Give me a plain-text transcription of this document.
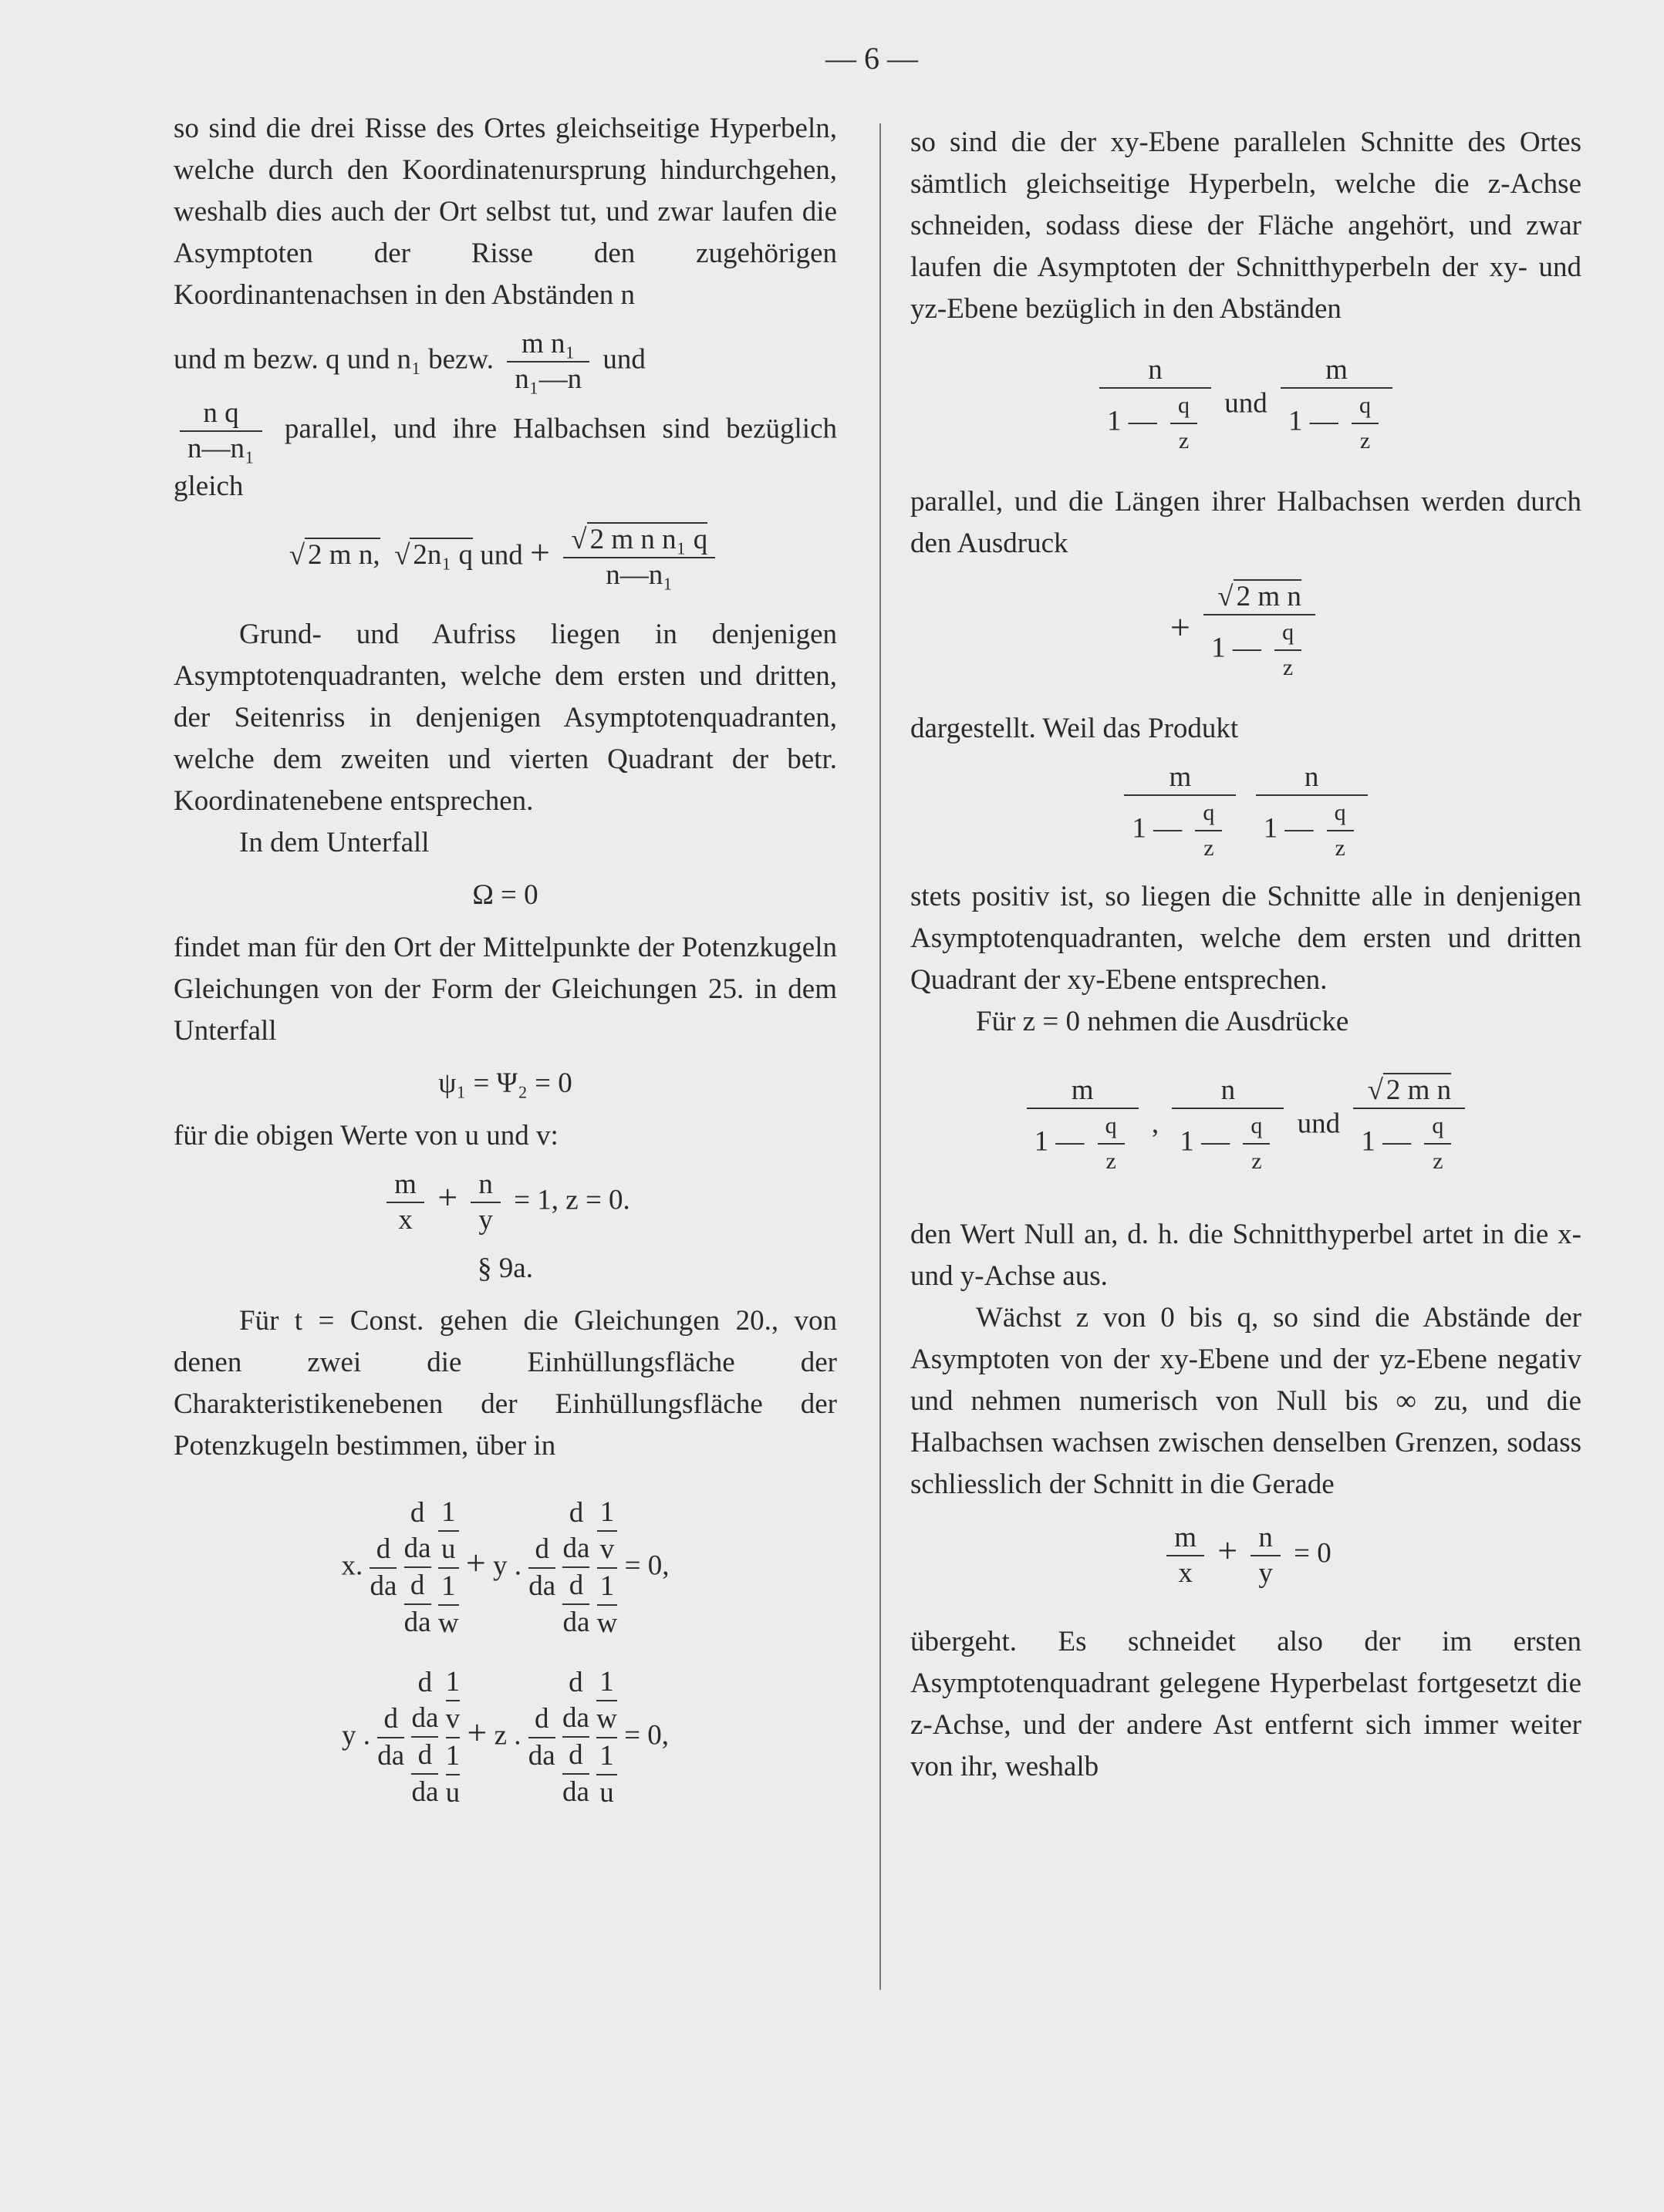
— 6 —

so sind die drei Risse des Ortes gleichseitige Hyperbeln, welche durch den Koordinatenursprung hindurchgehen, weshalb dies auch der Ort selbst tut, und zwar laufen die Asymptoten der Risse den zugehörigen Koordinantenachsen in den Abständen n

und m bezw. q und n₁ bezw. $\frac{\text{m n₁}}{\text{n₁—n}}$ und

$\frac{\text{n q}}{\text{n—n₁}}$ parallel, und ihre Halbachsen sind bezüglich gleich

√ 2 m n,  √ 2n₁ q und + $\frac{\text{√ 2 m n n₁ q}}{\text{n—n₁}}$

Grund- und Aufriss liegen in denjenigen Asymptotenquadranten, welche dem ersten und dritten, der Seitenriss in denjenigen Asymptotenquadranten, welche dem zweiten und vierten Quadrant der betr. Koordinatenebene entsprechen.

In dem Unterfall

Ω = 0

findet man für den Ort der Mittelpunkte der Potenzkugeln Gleichungen von der Form der Gleichungen 25. in dem Unterfall

ψ₁ = Ψ₂ = 0

für die obigen Werte von u und v:

$\frac{m}{x} + \frac{n}{y} = 1$, z = 0.
§ 9a.

Für t = Const. gehen die Gleichungen 20., von denen zwei die Einhüllungsfläche der Charakteristikenebenen der Einhüllungsfläche der Potenzkugeln bestimmen, über in

x. $\frac{d}{da}$

d
da
d
da

1
u
1
w
+ y . $\frac{d}{da}$

d
da
d
da

1
v
1
w
= 0,
y . $\frac{d}{da}$

d
da
d
da

1
v
1
u
+ z . $\frac{d}{da}$

d
da
d
da

1
w
1
u
= 0,

so sind die der xy-Ebene parallelen Schnitte des Ortes sämtlich gleichseitige Hyperbeln, welche die z-Achse schneiden, sodass diese der Fläche angehört, und zwar laufen die Asymptoten der Schnitthyperbeln der xy- und yz-Ebene bezüglich in den Abständen

$\frac{n}{1 — \frac{q}{z}}$ und $\frac{m}{1 — \frac{q}{z}}$

parallel, und die Längen ihrer Halbachsen werden durch den Ausdruck

+ $\frac{\text{√ 2 m n}}{1 — \frac{q}{z}}$

dargestellt. Weil das Produkt

$\frac{m}{1 — \frac{q}{z}}$
$\frac{n}{1 — \frac{q}{z}}$

stets positiv ist, so liegen die Schnitte alle in denjenigen Asymptotenquadranten, welche dem ersten und dritten Quadrant der xy-Ebene entsprechen.

Für z = 0 nehmen die Ausdrücke

$\frac{m}{1 — \frac{q}{z}}$ , $\frac{n}{1 — \frac{q}{z}}$ und $\frac{\text{√ 2 m n}}{1 — \frac{q}{z}}$

den Wert Null an, d. h. die Schnitthyperbel artet in die x- und y-Achse aus.

Wächst z von 0 bis q, so sind die Abstände der Asymptoten von der xy-Ebene und der yz-Ebene negativ und nehmen numerisch von Null bis ∞ zu, und die Halbachsen wachsen zwischen denselben Grenzen, sodass schliesslich der Schnitt in die Gerade

$\frac{m}{x} + \frac{n}{y} = 0$

übergeht. Es schneidet also der im ersten Asymptotenquadrant gelegene Hyperbelast fortgesetzt die z-Achse, und der andere Ast entfernt sich immer weiter von ihr, weshalb
